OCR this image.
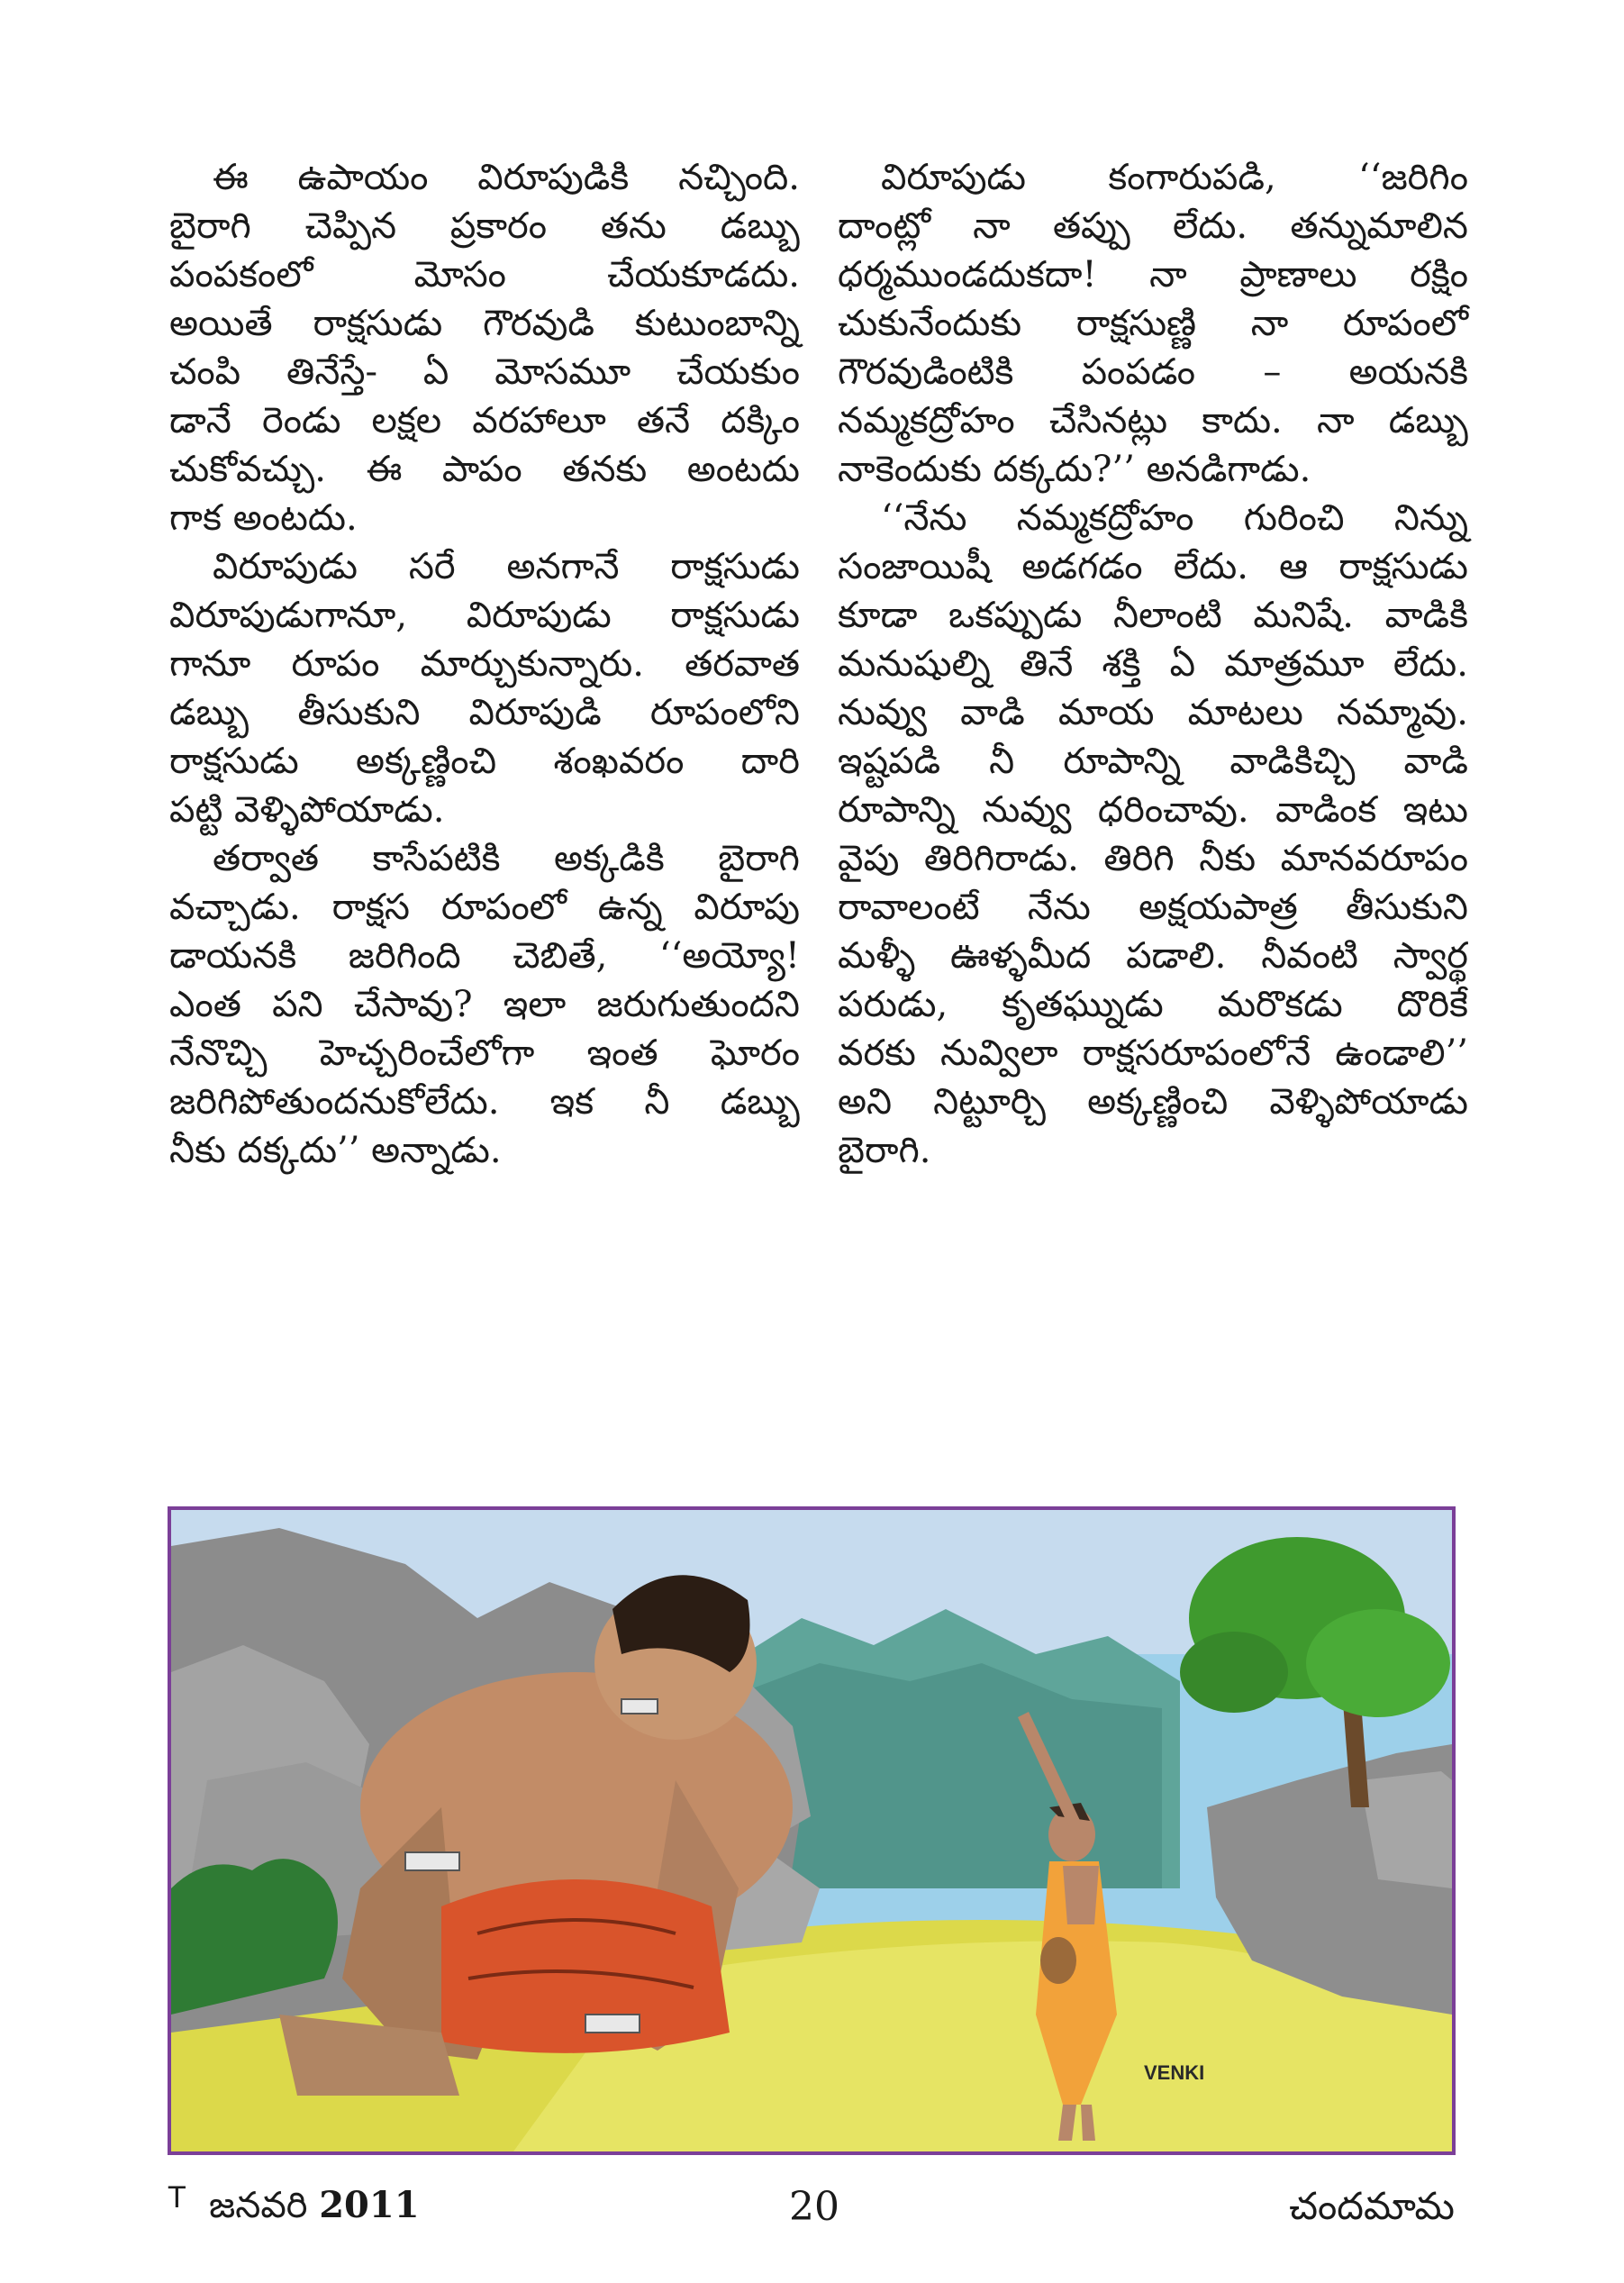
ఈ ఉపాయం విరూపుడికి నచ్చింది.
బైరాగి చెప్పిన ప్రకారం తను డబ్బు
పంపకంలో మోసం చేయకూడదు.
అయితే రాక్షసుడు గౌరవుడి కుటుంబాన్ని
చంపి తినేస్తే- ఏ మోసమూ చేయకుం
డానే రెండు లక్షల వరహాలూ తనే దక్కిం
చుకోవచ్చు. ఈ పాపం తనకు అంటదు
గాక అంటదు.
విరూపుడు సరే అనగానే రాక్షసుడు
విరూపుడుగానూ, విరూపుడు రాక్షసుడు
గానూ రూపం మార్చుకున్నారు. తరవాత
డబ్బు తీసుకుని విరూపుడి రూపంలోని
రాక్షసుడు అక్కణ్ణించి శంఖవరం దారి
పట్టి వెళ్ళిపోయాడు.
తర్వాత కాసేపటికి అక్కడికి బైరాగి
వచ్చాడు. రాక్షస రూపంలో ఉన్న విరూపు
డాయనకి జరిగింది చెబితే, ‘‘అయ్యో!
ఎంత పని చేసావు? ఇలా జరుగుతుందని
నేనొచ్చి హెచ్చరించేలోగా ఇంత ఘోరం
జరిగిపోతుందనుకోలేదు. ఇక నీ డబ్బు
నీకు దక్కదు’’ అన్నాడు.
విరూపుడు కంగారుపడి, ‘‘జరిగిం
దాంట్లో నా తప్పు లేదు. తన్నుమాలిన
ధర్మముండదుకదా! నా ప్రాణాలు రక్షిం
చుకునేందుకు రాక్షసుణ్ణి నా రూపంలో
గౌరవుడింటికి పంపడం – అయనకి
నమ్మకద్రోహం చేసినట్లు కాదు. నా డబ్బు
నాకెందుకు దక్కదు?’’ అనడిగాడు.
‘‘నేను నమ్మకద్రోహం గురించి నిన్ను
సంజాయిషీ అడగడం లేదు. ఆ రాక్షసుడు
కూడా ఒకప్పుడు నీలాంటి మనిషే. వాడికి
మనుషుల్ని తినే శక్తి ఏ మాత్రమూ లేదు.
నువ్వు వాడి మాయ మాటలు నమ్మావు.
ఇష్టపడి నీ రూపాన్ని వాడికిచ్చి వాడి
రూపాన్ని నువ్వు ధరించావు. వాడింక ఇటు
వైపు తిరిగిరాడు. తిరిగి నీకు మానవరూపం
రావాలంటే నేను అక్షయపాత్ర తీసుకుని
మళ్ళీ ఊళ్ళమీద పడాలి. నీవంటి స్వార్థ
పరుడు, కృతఘ్నుడు మరొకడు దొరికే
వరకు నువ్విలా రాక్షసరూపంలోనే ఉండాలి’’
అని నిట్టూర్చి అక్కణ్ణించి వెళ్ళిపోయాడు
బైరాగి.
VENKI
T జనవరి 2011	20	చందమామ
